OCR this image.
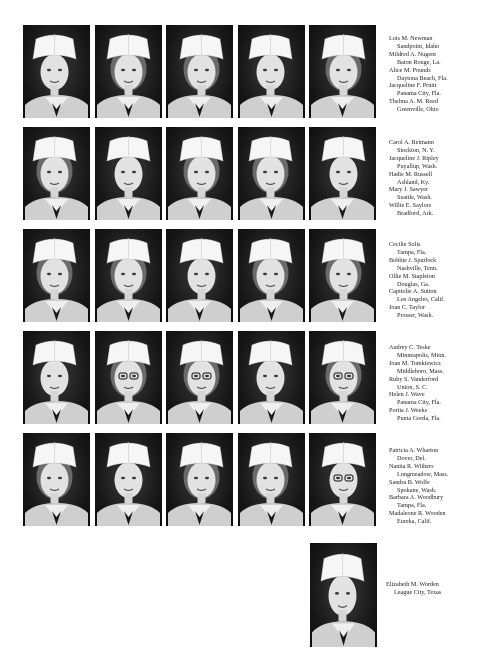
Lois M. Newman
Sandpoint, Idaho
Mildred A. Nugent
Baton Rouge, La.
Alice M. Pounds
Daytona Beach, Fla.
Jacqueline F. Pruitt
Panama City, Fla.
Thelma A. M. Reed
Greenville, Ohio
Carol A. Reimann
Stockton, N. Y.
Jacqueline J. Ripley
Puyallup, Wash.
Hadie M. Russell
Ashland, Ky.
Mary J. Sawyer
Seattle, Wash.
Willie E. Saylors
Bradford, Ark.
Cecilie Solis
Tampa, Fla.
Bobbie J. Spurlock
Nashville, Tenn.
Ollie M. Stapleton
Douglas, Ga.
Capitolie A. Sutton
Los Angeles, Calif.
Joan C. Taylor
Prosser, Wash.
Audrey C. Teske
Minneapolis, Minn.
Joan M. Tomkiewicz
Middleboro, Mass.
Ruby S. Vanderford
Union, S. C.
Helen J. Wave
Panama City, Fla.
Portia J. Weeks
Punta Gorda, Fla.
Patricia A. Wharton
Dover, Del.
Nanita R. Withers
Longmeadow, Mass.
Sandra B. Wolfe
Spokane, Wash.
Barbara A. Woodbury
Tampa, Fla.
Madaleone R. Wooden
Eureka, Calif.
Elizabeth M. Worden
League City, Texas
